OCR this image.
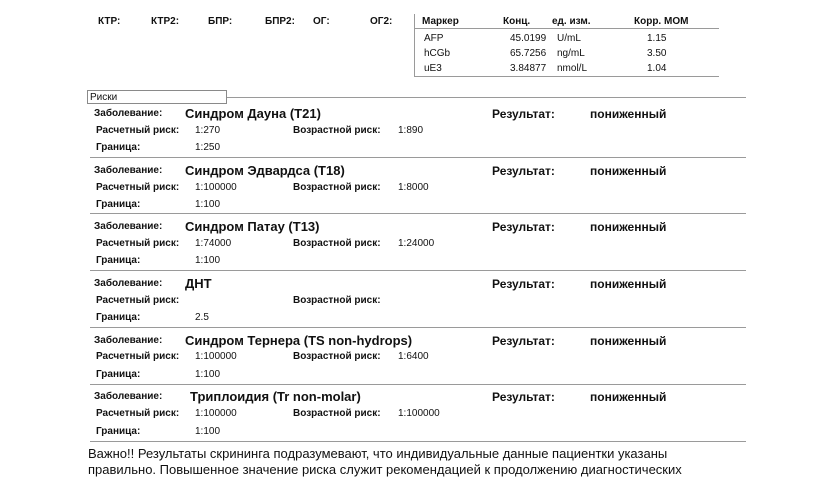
КТР:	КТР2:	БПР:	БПР2: ОГ:	ОГ2:	Маркер	Конц. ед. изм.	Корр. МОМ
AFP	45.0199 U/mL	1.15
hCGb	65.7256 ng/mL	3.50
uE3	3.84877 nmol/L	1.04
Риски
Заболевание: Синдром Дауна (T21)	Результат:	пониженный
Расчетный риск: 1:270	Возрастной риск: 1:890
Граница:	1:250
Заболевание: Синдром Эдвардса (T18)	Результат:	пониженный
Расчетный риск: 1:100000	Возрастной риск: 1:8000
Граница:	1:100
Заболевание: Синдром Патау (T13)	Результат:	пониженный
Расчетный риск: 1:74000	Возрастной риск: 1:24000
Граница:	1:100
Заболевание: ДНТ	Результат:	пониженный
Расчетный риск:	Возрастной риск:
Граница:	2.5
Заболевание: Синдром Тернера (TS non-hydrops)	Результат:	пониженный
Расчетный риск: 1:100000	Возрастной риск: 1:6400
Граница:	1:100
Заболевание: Триплоидия (Tr non-molar)	Результат:	пониженный
Расчетный риск: 1:100000	Возрастной риск: 1:100000
Граница:	1:100
Важно!! Результаты скрининга подразумевают, что индивидуальные данные пациентки указаны
правильно. Повышенное значение риска служит рекомендацией к продолжению диагностических
